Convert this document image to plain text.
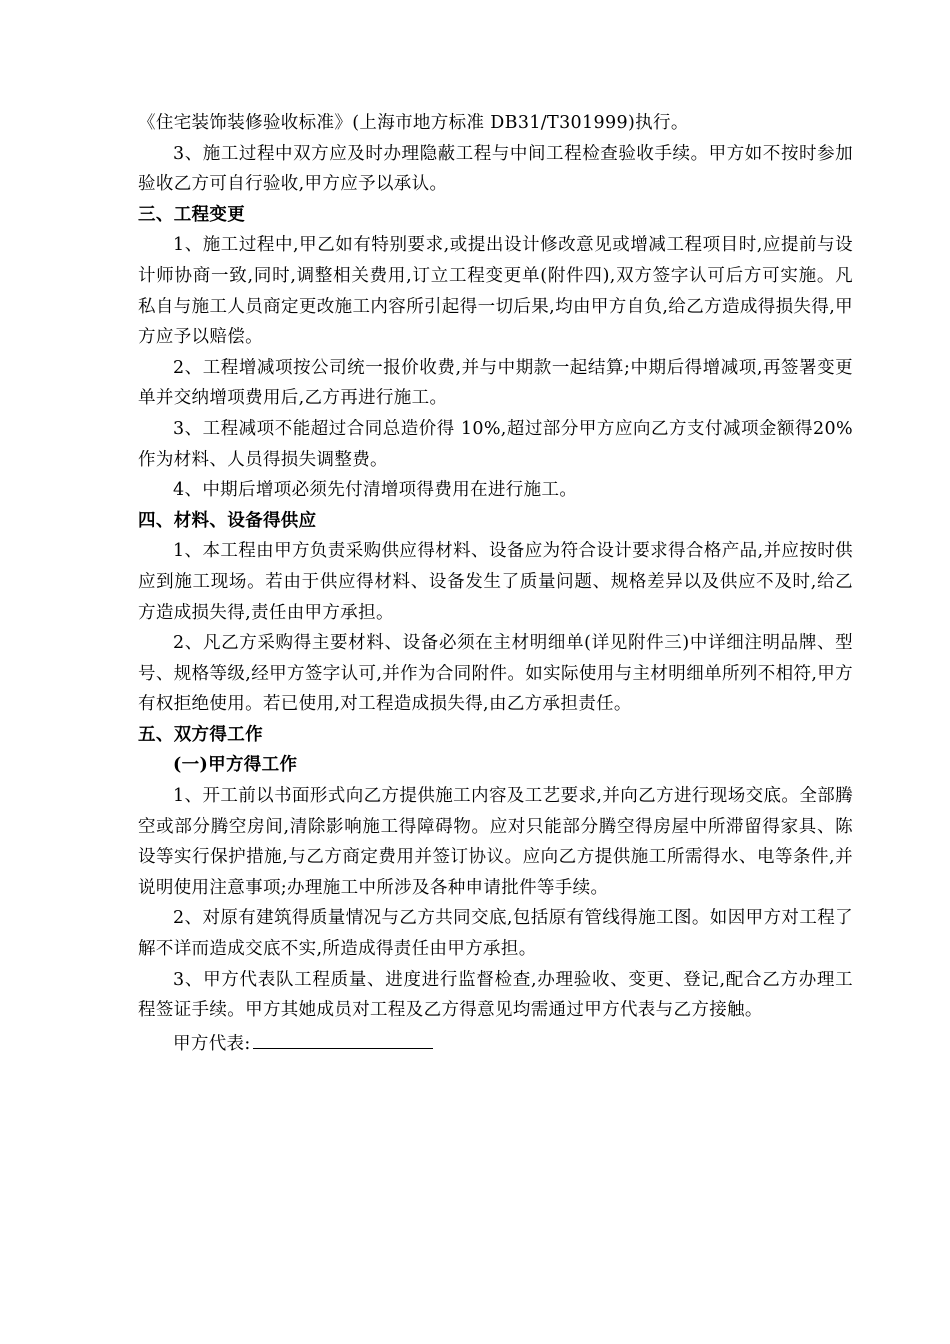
《住宅装饰装修验收标准》(上海市地方标准 DB31/T301999)执行。

3、施工过程中双方应及时办理隐蔽工程与中间工程检查验收手续。甲方如不按时参加验收乙方可自行验收,甲方应予以承认。

三、工程变更

1、施工过程中,甲乙如有特别要求,或提出设计修改意见或增减工程项目时,应提前与设计师协商一致,同时,调整相关费用,订立工程变更单(附件四),双方签字认可后方可实施。凡私自与施工人员商定更改施工内容所引起得一切后果,均由甲方自负,给乙方造成得损失得,甲方应予以赔偿。

2、工程增减项按公司统一报价收费,并与中期款一起结算;中期后得增减项,再签署变更单并交纳增项费用后,乙方再进行施工。

3、工程减项不能超过合同总造价得 10%,超过部分甲方应向乙方支付减项金额得20%作为材料、人员得损失调整费。

4、中期后增项必须先付清增项得费用在进行施工。

四、材料、设备得供应

1、本工程由甲方负责采购供应得材料、设备应为符合设计要求得合格产品,并应按时供应到施工现场。若由于供应得材料、设备发生了质量问题、规格差异以及供应不及时,给乙方造成损失得,责任由甲方承担。

2、凡乙方采购得主要材料、设备必须在主材明细单(详见附件三)中详细注明品牌、型号、规格等级,经甲方签字认可,并作为合同附件。如实际使用与主材明细单所列不相符,甲方有权拒绝使用。若已使用,对工程造成损失得,由乙方承担责任。

五、双方得工作

(一)甲方得工作

1、开工前以书面形式向乙方提供施工内容及工艺要求,并向乙方进行现场交底。全部腾空或部分腾空房间,清除影响施工得障碍物。应对只能部分腾空得房屋中所滞留得家具、陈设等实行保护措施,与乙方商定费用并签订协议。应向乙方提供施工所需得水、电等条件,并说明使用注意事项;办理施工中所涉及各种申请批件等手续。

2、对原有建筑得质量情况与乙方共同交底,包括原有管线得施工图。如因甲方对工程了解不详而造成交底不实,所造成得责任由甲方承担。

3、甲方代表队工程质量、进度进行监督检查,办理验收、变更、登记,配合乙方办理工程签证手续。甲方其她成员对工程及乙方得意见均需通过甲方代表与乙方接触。

甲方代表:
